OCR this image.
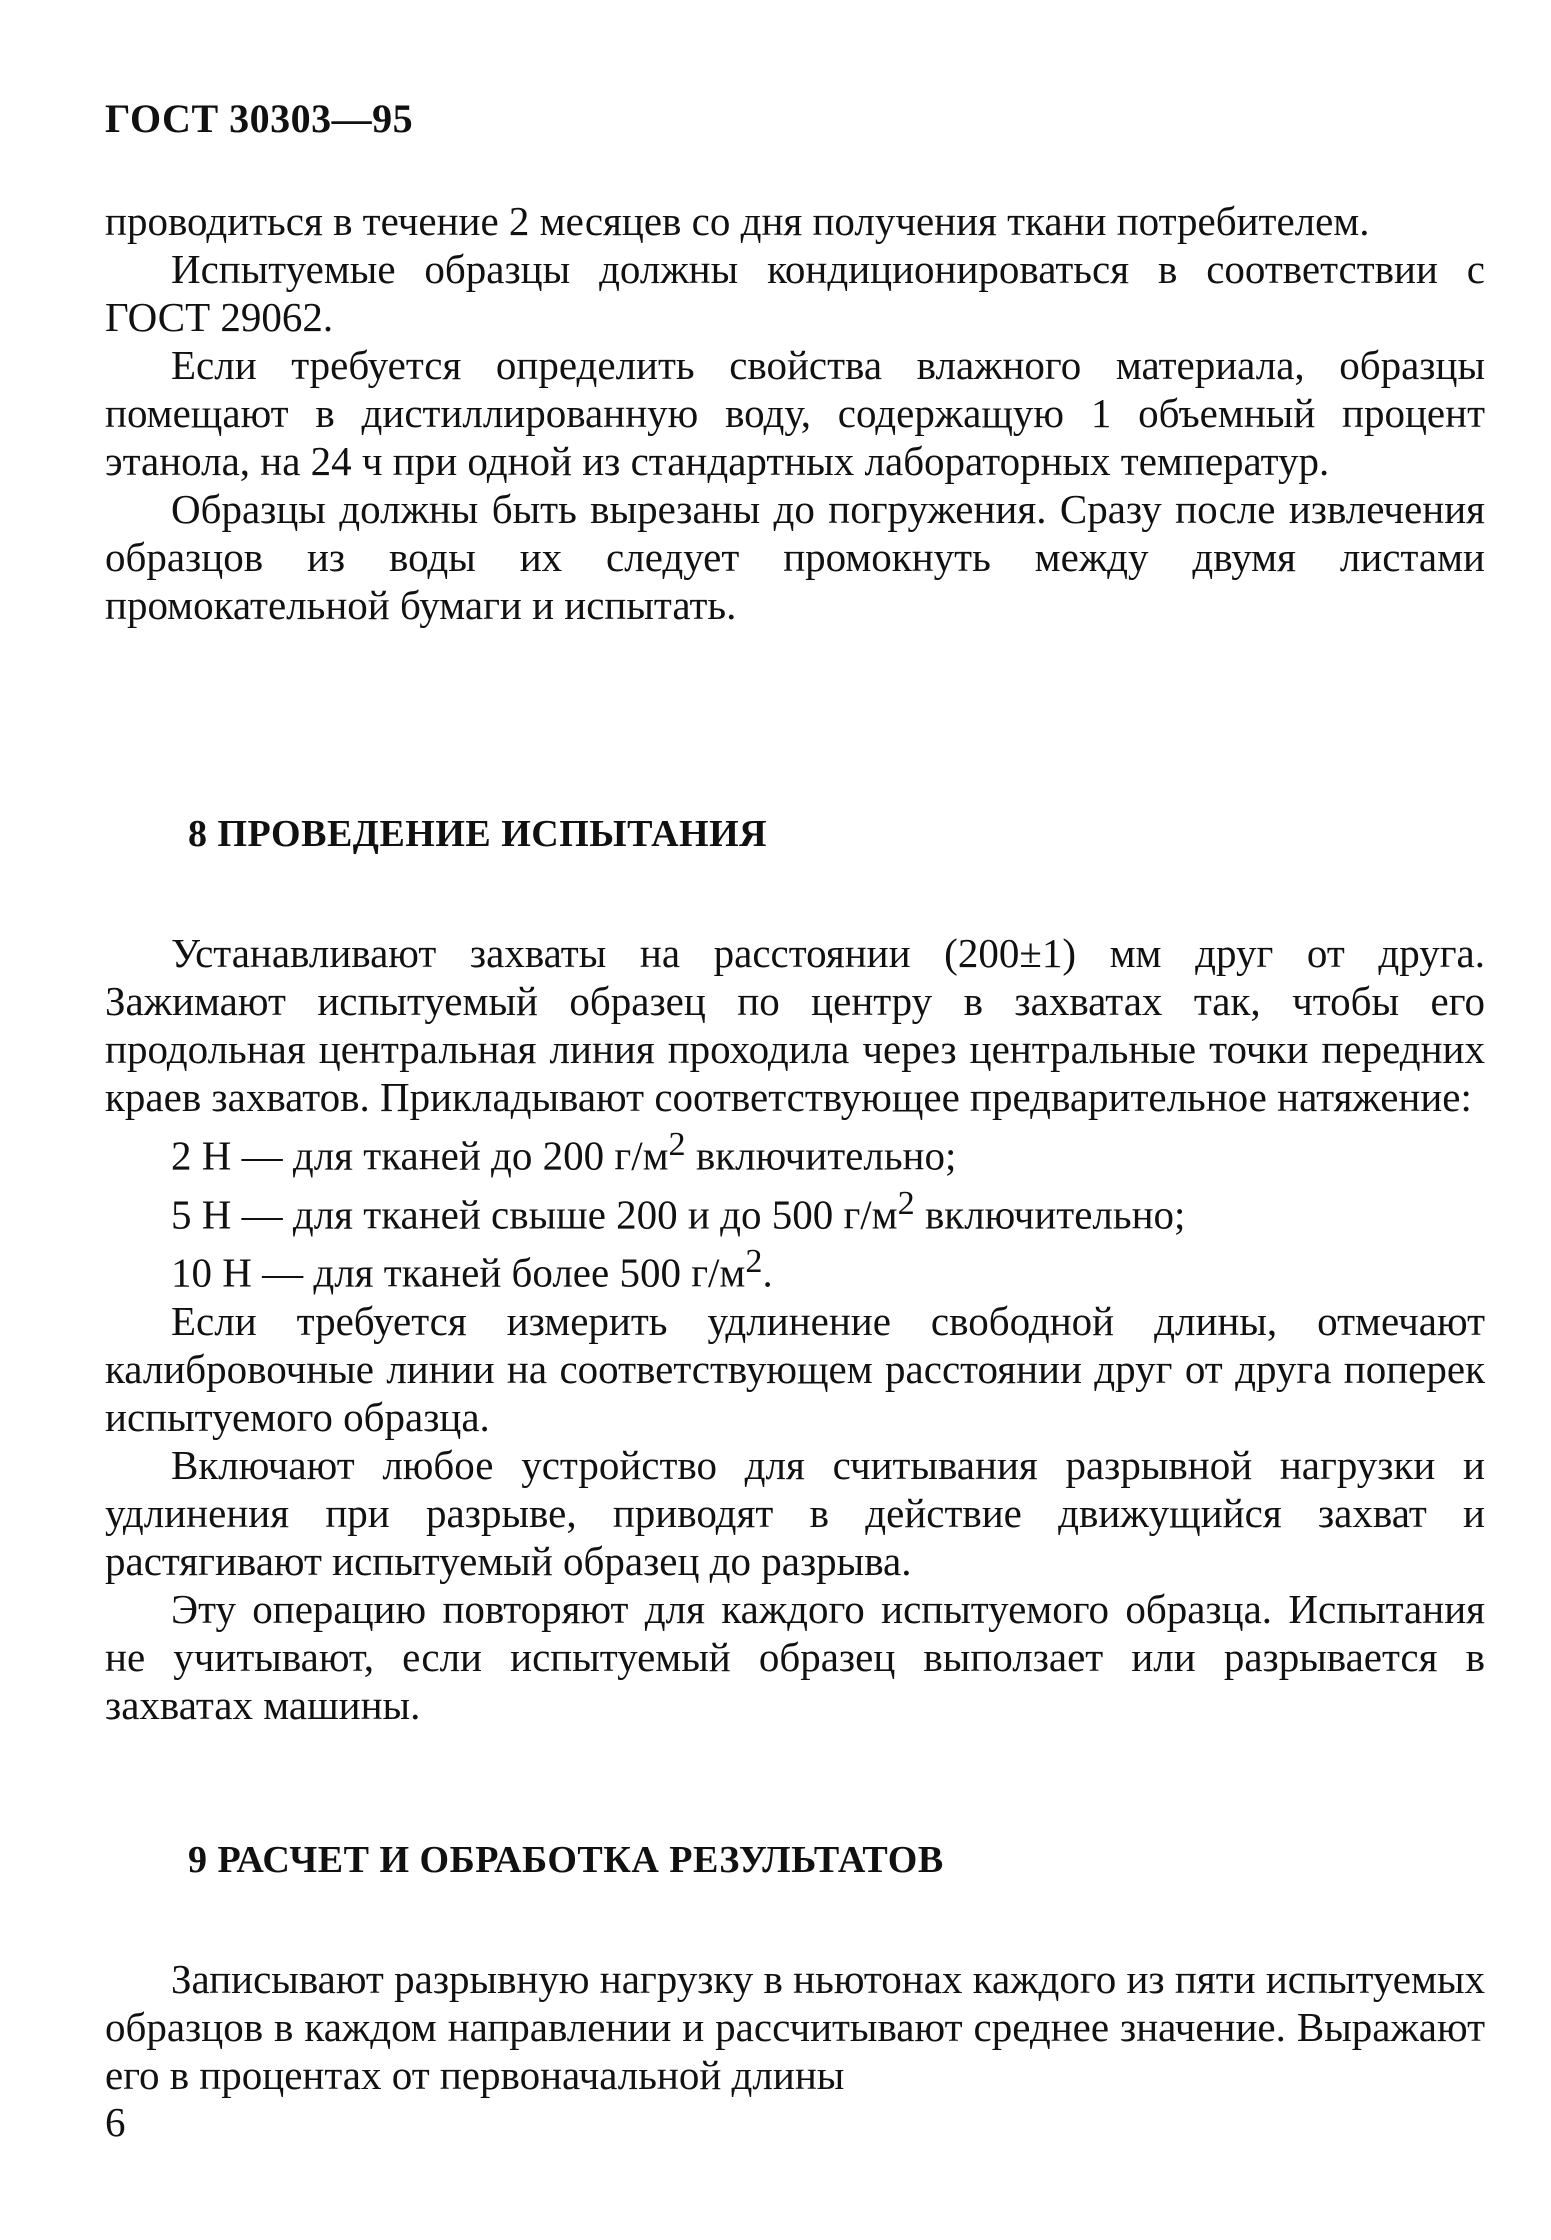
ГОСТ 30303—95

проводиться в течение 2 месяцев со дня получения ткани потребителем.

Испытуемые образцы должны кондиционироваться в соответствии с ГОСТ 29062.

Если требуется определить свойства влажного материала, образцы помещают в дистиллированную воду, содержащую 1 объемный процент этанола, на 24 ч при одной из стандартных лабораторных температур.

Образцы должны быть вырезаны до погружения. Сразу после извлечения образцов из воды их следует промокнуть между двумя листами промокательной бумаги и испытать.

8 ПРОВЕДЕНИЕ ИСПЫТАНИЯ

Устанавливают захваты на расстоянии (200±1) мм друг от друга. Зажимают испытуемый образец по центру в захватах так, чтобы его продольная центральная линия проходила через центральные точки передних краев захватов. Прикладывают соответствующее предварительное натяжение:

2 Н — для тканей до 200 $г/м^2$ включительно;

5 Н — для тканей свыше 200 и до 500 $г/м^2$ включительно;

10 Н — для тканей более 500 $г/м^2$.

Если требуется измерить удлинение свободной длины, отмечают калибровочные линии на соответствующем расстоянии друг от друга поперек испытуемого образца.

Включают любое устройство для считывания разрывной нагрузки и удлинения при разрыве, приводят в действие движущийся захват и растягивают испытуемый образец до разрыва.

Эту операцию повторяют для каждого испытуемого образца. Испытания не учитывают, если испытуемый образец выползает или разрывается в захватах машины.

9 РАСЧЕТ И ОБРАБОТКА РЕЗУЛЬТАТОВ

Записывают разрывную нагрузку в ньютонах каждого из пяти испытуемых образцов в каждом направлении и рассчитывают среднее значение. Выражают его в процентах от первоначальной длины

6
